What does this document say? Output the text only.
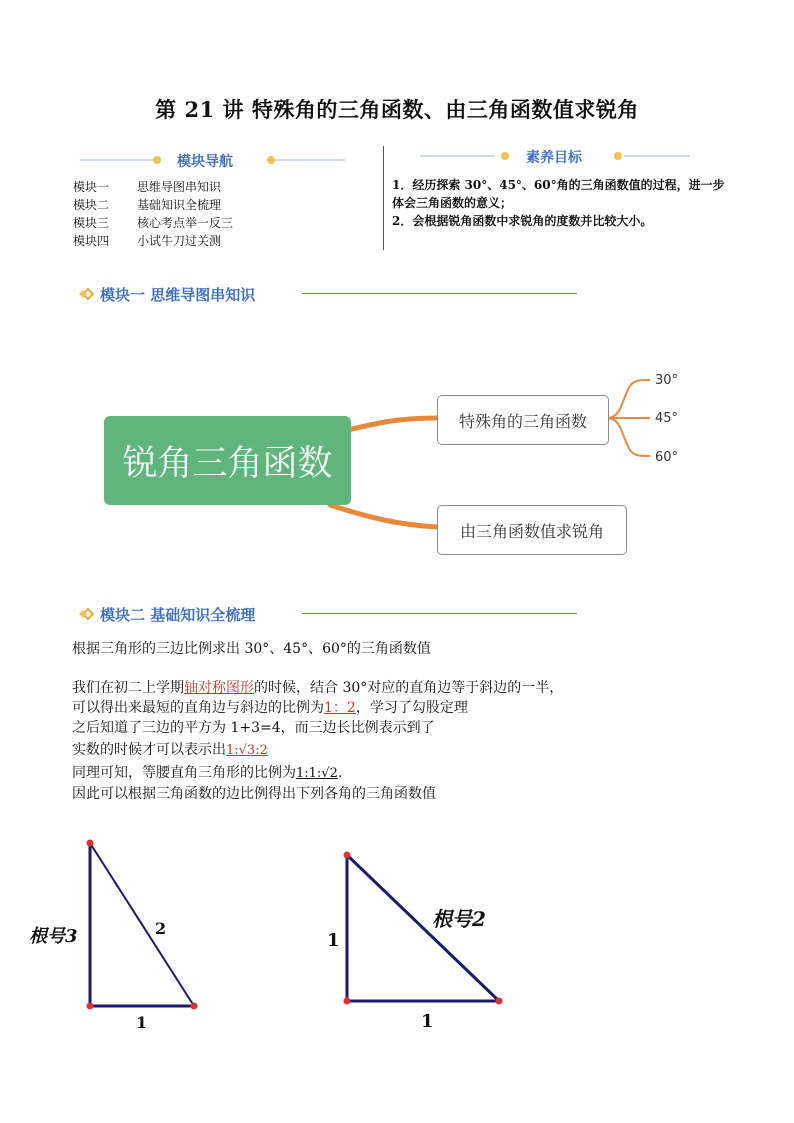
第 21 讲 特殊角的三角函数、由三角函数值求锐角
模块导航
模块一	思维导图串知识
模块二	基础知识全梳理
模块三	核心考点举一反三
模块四	小试牛刀过关测
素养目标
1．经历探索 30°、45°、60°角的三角函数值的过程，进一步体会三角函数的意义；
2．会根据锐角函数中求锐角的度数并比较大小。
模块一 思维导图串知识
锐角三角函数
特殊角的三角函数
由三角函数值求锐角
30°
45°
60°
模块二 基础知识全梳理
根据三角形的三边比例求出 30°、45°、60°的三角函数值
我们在初二上学期轴对称图形的时候，结合 30°对应的直角边等于斜边的一半，
可以得出来最短的直角边与斜边的比例为1：2，学习了勾股定理
之后知道了三边的平方为 1+3=4，而三边长比例表示到了
实数的时候才可以表示出1:√3:2
同理可知，等腰直角三角形的比例为1:1:√2.
因此可以根据三角函数的边比例得出下列各角的三角函数值
根号3	2
1
1
根号2
1
